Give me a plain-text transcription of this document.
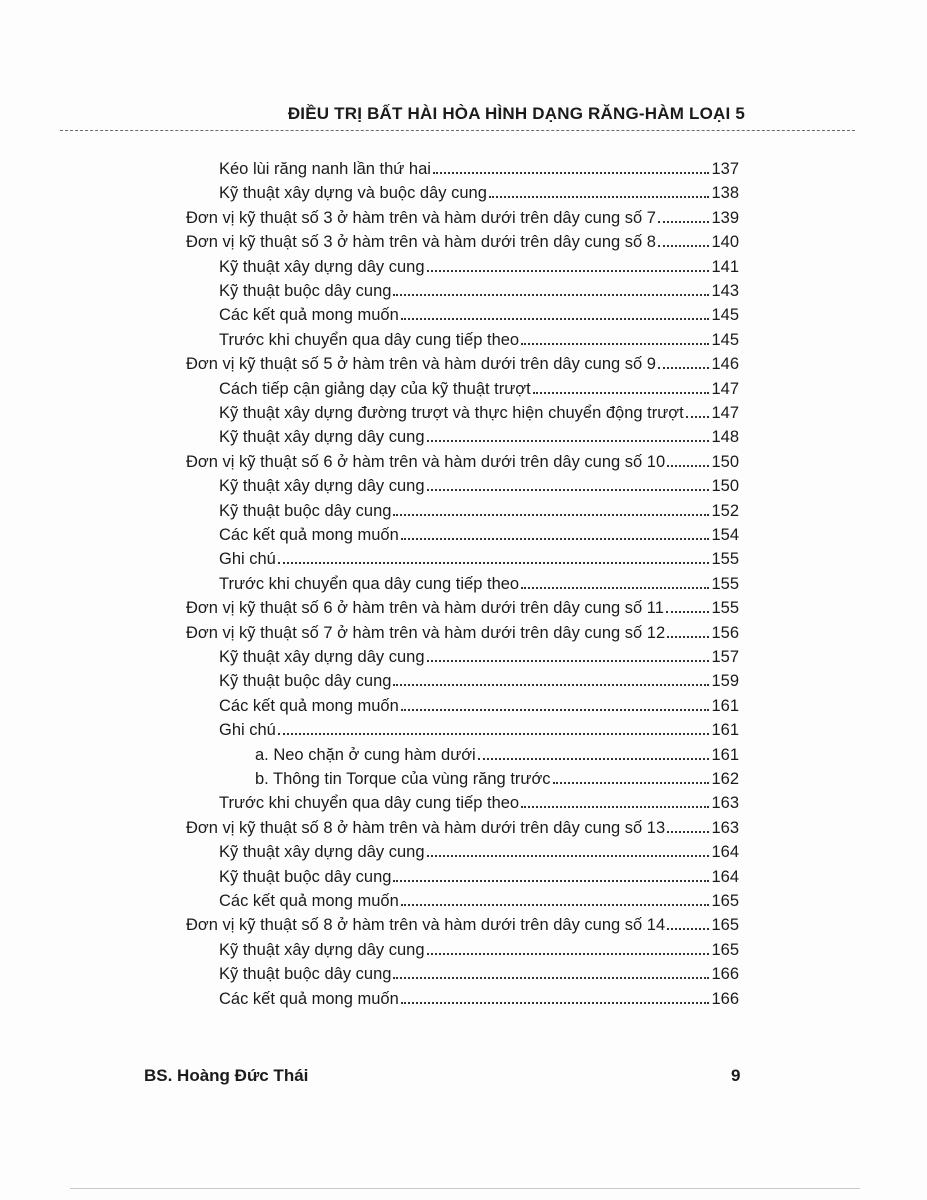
ĐIỀU TRỊ BẤT HÀI HÒA HÌNH DẠNG RĂNG-HÀM LOẠI 5
Kéo lùi răng nanh lần thứ hai	137
Kỹ thuật xây dựng và buộc dây cung	138
Đơn vị kỹ thuật số 3 ở hàm trên và hàm dưới trên dây cung số 7	139
Đơn vị kỹ thuật số 3 ở hàm trên và hàm dưới trên dây cung số 8	140
Kỹ thuật xây dựng dây cung	141
Kỹ thuật buộc dây cung	143
Các kết quả mong muốn	145
Trước khi chuyển qua dây cung tiếp theo	145
Đơn vị kỹ thuật số 5 ở hàm trên và hàm dưới trên dây cung số 9	146
Cách tiếp cận giảng dạy của kỹ thuật trượt	147
Kỹ thuật xây dựng đường trượt và thực hiện chuyển động trượt 147
Kỹ thuật xây dựng dây cung	148
Đơn vị kỹ thuật số 6 ở hàm trên và hàm dưới trên dây cung số 10	150
Kỹ thuật xây dựng dây cung	150
Kỹ thuật buộc dây cung	152
Các kết quả mong muốn	154
Ghi chú	155
Trước khi chuyển qua dây cung tiếp theo	155
Đơn vị kỹ thuật số 6 ở hàm trên và hàm dưới trên dây cung số 11	155
Đơn vị kỹ thuật số 7 ở hàm trên và hàm dưới trên dây cung số 12	156
Kỹ thuật xây dựng dây cung	157
Kỹ thuật buộc dây cung	159
Các kết quả mong muốn	161
Ghi chú	161
a. Neo chặn ở cung hàm dưới	161
b. Thông tin Torque của vùng răng trước	162
Trước khi chuyển qua dây cung tiếp theo	163
Đơn vị kỹ thuật số 8 ở hàm trên và hàm dưới trên dây cung số 13	163
Kỹ thuật xây dựng dây cung	164
Kỹ thuật buộc dây cung	164
Các kết quả mong muốn	165
Đơn vị kỹ thuật số 8 ở hàm trên và hàm dưới trên dây cung số 14	165
Kỹ thuật xây dựng dây cung	165
Kỹ thuật buộc dây cung	166
Các kết quả mong muốn	166
BS. Hoàng Đức Thái	9
